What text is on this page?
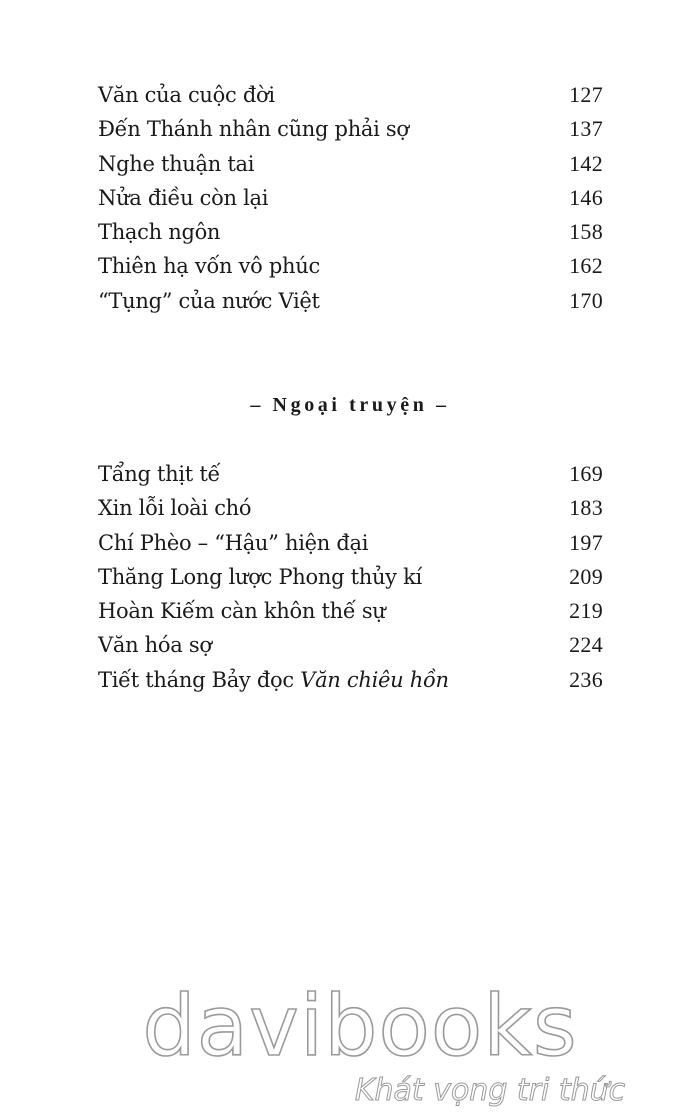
Văn của cuộc đời	127
Đến Thánh nhân cũng phải sợ	137
Nghe thuận tai	142
Nửa điều còn lại	146
Thạch ngôn	158
Thiên hạ vốn vô phúc	162
“Tụng” của nước Việt	170
– Ngoại truyện –
Tẩng thịt tế	169
Xin lỗi loài chó	183
Chí Phèo – “Hậu” hiện đại	197
Thăng Long lược Phong thủy kí	209
Hoàn Kiếm càn khôn thế sự	219
Văn hóa sợ	224
Tiết tháng Bảy đọc Văn chiêu hồn	236
davibooks
Khát vọng tri thức
